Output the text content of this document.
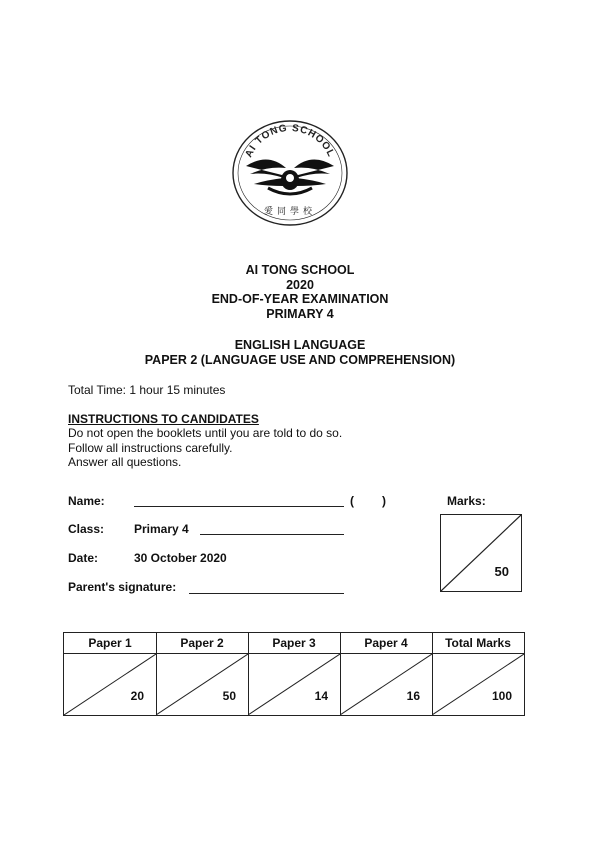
AI TONG SCHOOL
愛同學校
AI TONG SCHOOL
2020
END-OF-YEAR EXAMINATION
PRIMARY 4
ENGLISH LANGUAGE
PAPER 2 (LANGUAGE USE AND COMPREHENSION)
Total Time: 1 hour 15 minutes
INSTRUCTIONS TO CANDIDATES
Do not open the booklets until you are told to do so.
Follow all instructions carefully.
Answer all questions.
Name:	( )
Class: Primary 4
Date:	30 October 2020
Parent's signature:
Marks:
50
Paper 1	Paper 2	Paper 3	Paper 4	Total Marks
20	50	14	16	100
